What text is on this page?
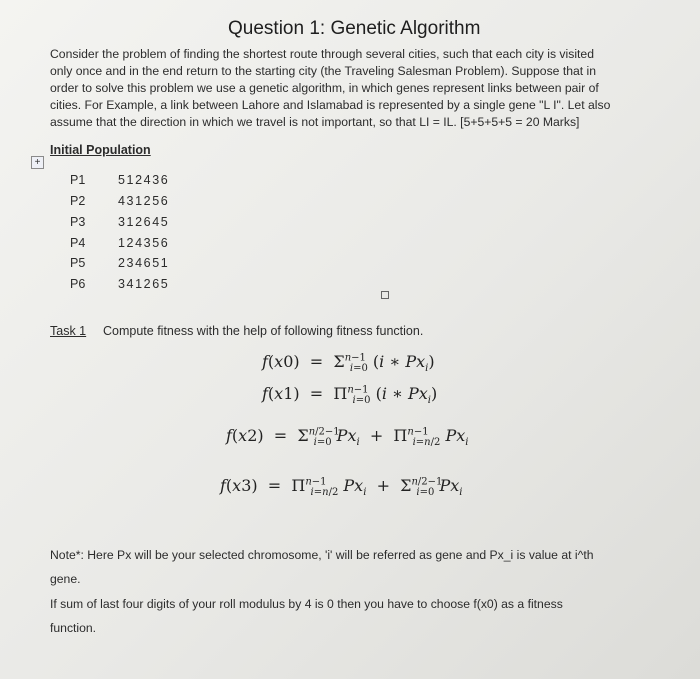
Question 1: Genetic Algorithm
Consider the problem of finding the shortest route through several cities, such that each city is visited
only once and in the end return to the starting city (the Traveling Salesman Problem). Suppose that in
order to solve this problem we use a genetic algorithm, in which genes represent links between pair of
cities. For Example, a link between Lahore and Islamabad is represented by a single gene "L I". Let also
assume that the direction in which we travel is not important, so that LI = IL. [5+5+5+5 = 20 Marks]
+
Initial Population
P1	512436
P2	431256
P3	312645
P4	124356
P5	234651
P6	341265
Task 1 Compute fitness with the help of following fitness function.
$f(x0) = \Sigma^{n-1}_{i=0}$ (i ∗ $Px_i$)
$f(x1) = \Pi^{n-1}_{i=0}$ (i ∗ $Px_i$)
$f(x2) = \Sigma^{n/2-1}_{i=0}$ $Px_i + \Pi^{n-1}_{i=n/2}$ $Px_i$
$f(x3) = \Pi^{n-1}_{i=n/2}$ $Px_i + \Sigma^{n/2-1}_{i=0}$ $Px_i$
Note*: Here Px will be your selected chromosome, 'i' will be referred as gene and Px_i is value at i^th
gene.
If sum of last four digits of your roll modulus by 4 is 0 then you have to choose f(x0) as a fitness
function.
